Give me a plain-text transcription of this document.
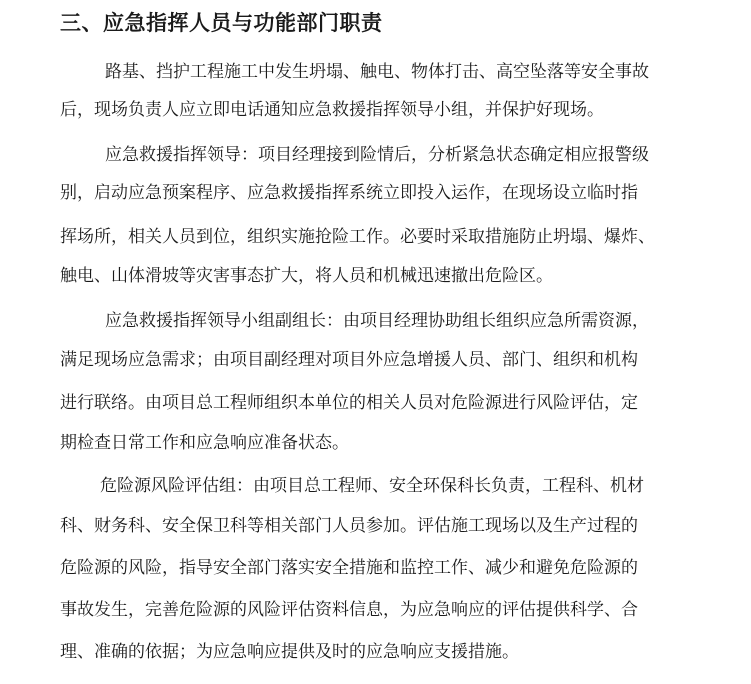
三、应急指挥人员与功能部门职责
路基、挡护工程施工中发生坍塌、触电、物体打击、高空坠落等安全事故
后，现场负责人应立即电话通知应急救援指挥领导小组，并保护好现场。
应急救援指挥领导：项目经理接到险情后，分析紧急状态确定相应报警级
别，启动应急预案程序、应急救援指挥系统立即投入运作，在现场设立临时指
挥场所，相关人员到位，组织实施抢险工作。必要时采取措施防止坍塌、爆炸、
触电、山体滑坡等灾害事态扩大，将人员和机械迅速撤出危险区。
应急救援指挥领导小组副组长：由项目经理协助组长组织应急所需资源，
满足现场应急需求；由项目副经理对项目外应急增援人员、部门、组织和机构
进行联络。由项目总工程师组织本单位的相关人员对危险源进行风险评估，定
期检查日常工作和应急响应准备状态。
危险源风险评估组：由项目总工程师、安全环保科长负责，工程科、机材
科、财务科、安全保卫科等相关部门人员参加。评估施工现场以及生产过程的
危险源的风险，指导安全部门落实安全措施和监控工作、减少和避免危险源的
事故发生，完善危险源的风险评估资料信息，为应急响应的评估提供科学、合
理、准确的依据；为应急响应提供及时的应急响应支援措施。
